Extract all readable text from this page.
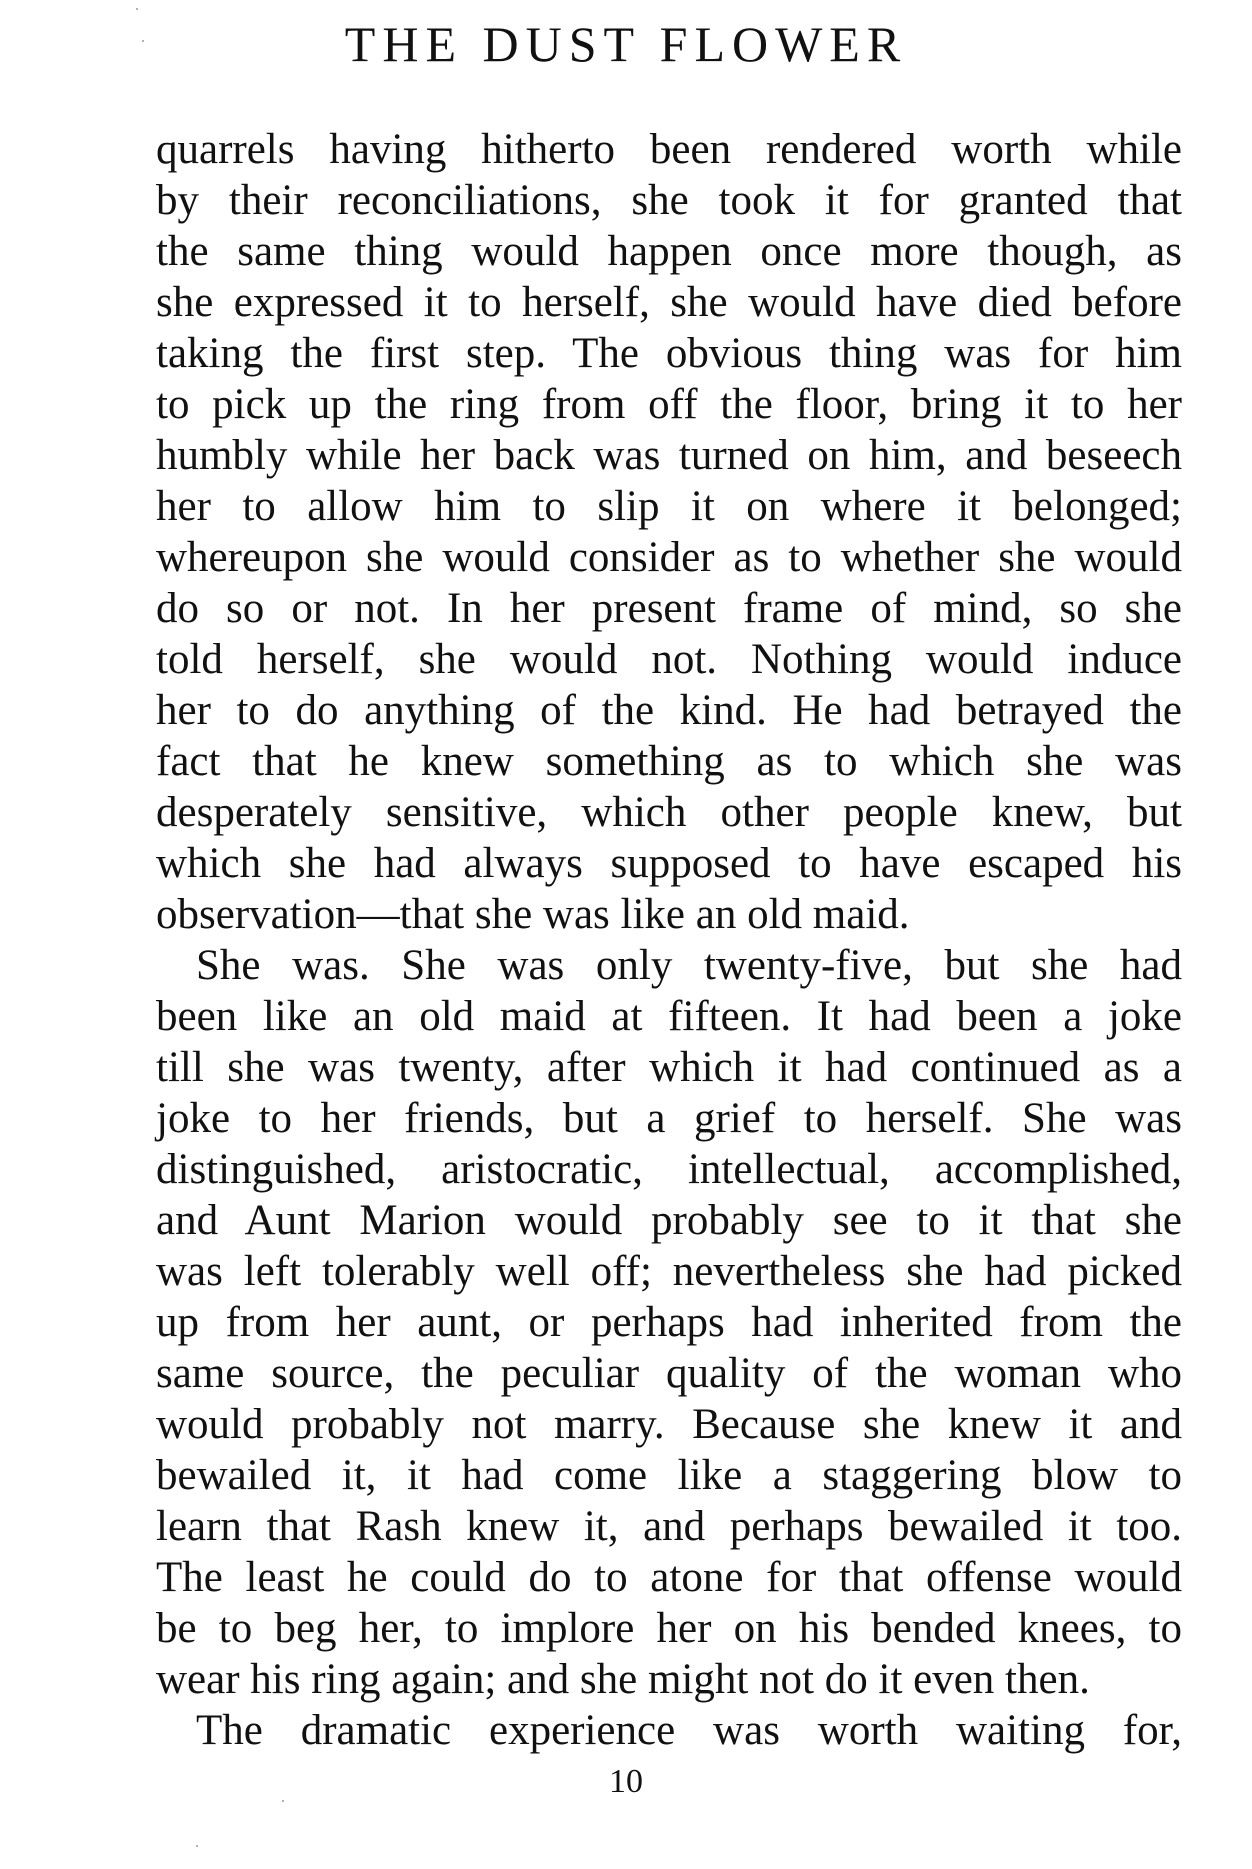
THE DUST FLOWER
quarrels having hitherto been rendered worth while
by their reconciliations, she took it for granted that
the same thing would happen once more though, as
she expressed it to herself, she would have died before
taking the first step. The obvious thing was for him
to pick up the ring from off the floor, bring it to her
humbly while her back was turned on him, and beseech
her to allow him to slip it on where it belonged;
whereupon she would consider as to whether she would
do so or not. In her present frame of mind, so she
told herself, she would not. Nothing would induce
her to do anything of the kind. He had betrayed the
fact that he knew something as to which she was
desperately sensitive, which other people knew, but
which she had always supposed to have escaped his
observation—that she was like an old maid.
She was. She was only twenty-five, but she had
been like an old maid at fifteen. It had been a joke
till she was twenty, after which it had continued as a
joke to her friends, but a grief to herself. She was
distinguished, aristocratic, intellectual, accomplished,
and Aunt Marion would probably see to it that she
was left tolerably well off; nevertheless she had picked
up from her aunt, or perhaps had inherited from the
same source, the peculiar quality of the woman who
would probably not marry. Because she knew it and
bewailed it, it had come like a staggering blow to
learn that Rash knew it, and perhaps bewailed it too.
The least he could do to atone for that offense would
be to beg her, to implore her on his bended knees, to
wear his ring again; and she might not do it even then.
The dramatic experience was worth waiting for,
10
